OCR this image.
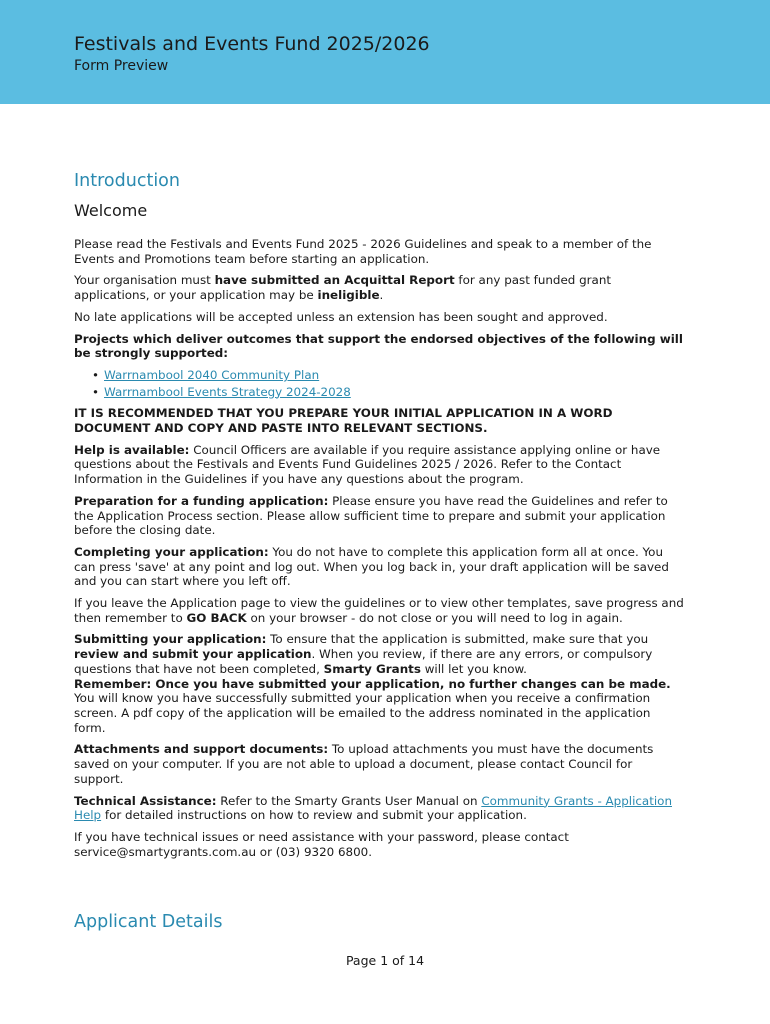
Festivals and Events Fund 2025/2026
Form Preview
Introduction
Welcome

Please read the Festivals and Events Fund 2025 - 2026 Guidelines and speak to a member of the Events and Promotions team before starting an application.

Your organisation must have submitted an Acquittal Report for any past funded grant applications, or your application may be ineligible.

No late applications will be accepted unless an extension has been sought and approved.

Projects which deliver outcomes that support the endorsed objectives of the following will be strongly supported:

• Warrnambool 2040 Community Plan
• Warrnambool Events Strategy 2024-2028

IT IS RECOMMENDED THAT YOU PREPARE YOUR INITIAL APPLICATION IN A WORD DOCUMENT AND COPY AND PASTE INTO RELEVANT SECTIONS.

Help is available: Council Officers are available if you require assistance applying online or have questions about the Festivals and Events Fund Guidelines 2025 / 2026. Refer to the Contact Information in the Guidelines if you have any questions about the program.

Preparation for a funding application: Please ensure you have read the Guidelines and refer to the Application Process section. Please allow sufficient time to prepare and submit your application before the closing date.

Completing your application: You do not have to complete this application form all at once. You can press 'save' at any point and log out. When you log back in, your draft application will be saved and you can start where you left off.

If you leave the Application page to view the guidelines or to view other templates, save progress and then remember to GO BACK on your browser - do not close or you will need to log in again.

Submitting your application: To ensure that the application is submitted, make sure that you review and submit your application. When you review, if there are any errors, or compulsory questions that have not been completed, Smarty Grants will let you know.

Remember: Once you have submitted your application, no further changes can be made. You will know you have successfully submitted your application when you receive a confirmation screen. A pdf copy of the application will be emailed to the address nominated in the application form.

Attachments and support documents: To upload attachments you must have the documents saved on your computer. If you are not able to upload a document, please contact Council for support.

Technical Assistance: Refer to the Smarty Grants User Manual on Community Grants - Application Help for detailed instructions on how to review and submit your application.

If you have technical issues or need assistance with your password, please contact service@smartygrants.com.au or (03) 9320 6800.

Applicant Details
Page 1 of 14
